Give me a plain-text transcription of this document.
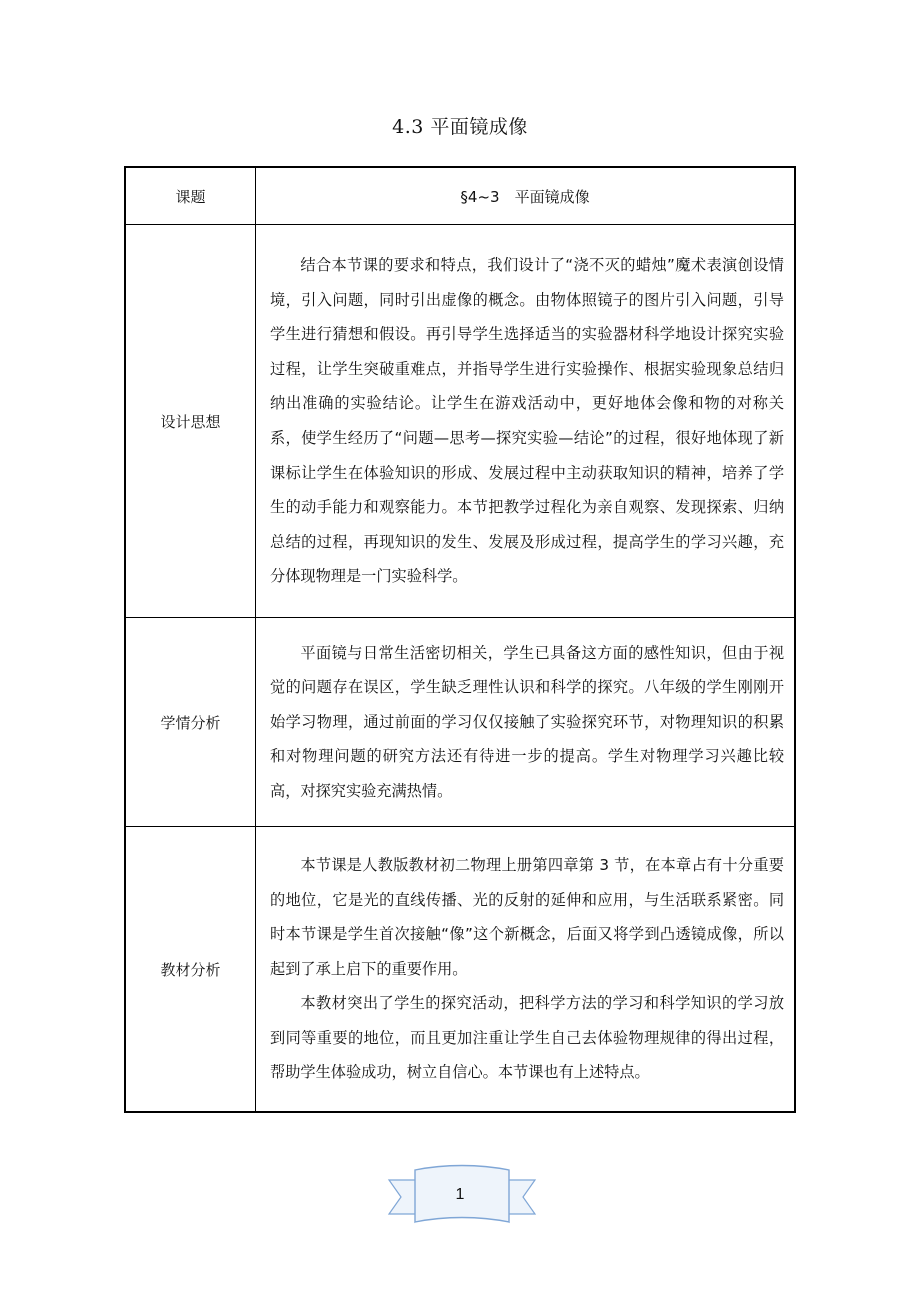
4.3 平面镜成像
课题	§4~3　平面镜成像
设计思想	结合本节课的要求和特点，我们设计了“浇不灭的蜡烛”魔术表演创设情境，引入问题，同时引出虚像的概念。由物体照镜子的图片引入问题，引导学生进行猜想和假设。再引导学生选择适当的实验器材科学地设计探究实验过程，让学生突破重难点，并指导学生进行实验操作、根据实验现象总结归纳出准确的实验结论。让学生在游戏活动中，更好地体会像和物的对称关系，使学生经历了“问题—思考—探究实验—结论”的过程，很好地体现了新课标让学生在体验知识的形成、发展过程中主动获取知识的精神，培养了学生的动手能力和观察能力。本节把教学过程化为亲自观察、发现探索、归纳总结的过程，再现知识的发生、发展及形成过程，提高学生的学习兴趣，充分体现物理是一门实验科学。

学情分析	平面镜与日常生活密切相关，学生已具备这方面的感性知识，但由于视觉的问题存在误区，学生缺乏理性认识和科学的探究。八年级的学生刚刚开始学习物理，通过前面的学习仅仅接触了实验探究环节，对物理知识的积累和对物理问题的研究方法还有待进一步的提高。学生对物理学习兴趣比较高，对探究实验充满热情。

教材分析	本节课是人教版教材初二物理上册第四章第 3 节，在本章占有十分重要的地位，它是光的直线传播、光的反射的延伸和应用，与生活联系紧密。同时本节课是学生首次接触“像”这个新概念，后面又将学到凸透镜成像，所以起到了承上启下的重要作用。

本教材突出了学生的探究活动，把科学方法的学习和科学知识的学习放到同等重要的地位，而且更加注重让学生自己去体验物理规律的得出过程，帮助学生体验成功，树立自信心。本节课也有上述特点。

1
